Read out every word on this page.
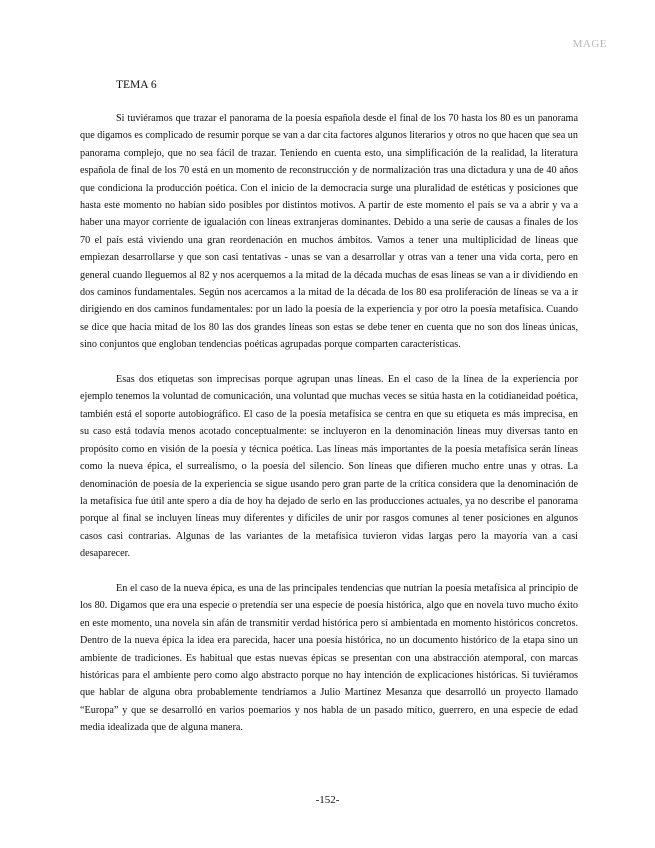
MAGE
TEMA 6

Si tuviéramos que trazar el panorama de la poesía española desde el final de los 70 hasta los 80 es un panorama que digamos es complicado de resumir porque se van a dar cita factores algunos literarios y otros no que hacen que sea un panorama complejo, que no sea fácil de trazar. Teniendo en cuenta esto, una simplificación de la realidad, la literatura española de final de los 70 está en un momento de reconstrucción y de normalización tras una dictadura y una de 40 años que condiciona la producción poética. Con el inicio de la democracia surge una pluralidad de estéticas y posiciones que hasta este momento no habían sido posibles por distintos motivos. A partir de este momento el país se va a abrir y va a haber una mayor corriente de igualación con líneas extranjeras dominantes. Debido a una serie de causas a finales de los 70 el país está viviendo una gran reordenación en muchos ámbitos. Vamos a tener una multiplicidad de líneas que empiezan desarrollarse y que son casi tentativas - unas se van a desarrollar y otras van a tener una vida corta, pero en general cuando lleguemos al 82 y nos acerquemos a la mitad de la década muchas de esas líneas se van a ir dividiendo en dos caminos fundamentales. Según nos acercamos a la mitad de la década de los 80 esa proliferación de líneas se va a ir dirigiendo en dos caminos fundamentales: por un lado la poesía de la experiencia y por otro la poesía metafísica. Cuando se dice que hacia mitad de los 80 las dos grandes líneas son estas se debe tener en cuenta que no son dos líneas únicas, sino conjuntos que engloban tendencias poéticas agrupadas porque comparten características.

Esas dos etiquetas son imprecisas porque agrupan unas líneas. En el caso de la línea de la experiencia por ejemplo tenemos la voluntad de comunicación, una voluntad que muchas veces se sitúa hasta en la cotidianeidad poética, también está el soporte autobiográfico. El caso de la poesía metafísica se centra en que su etiqueta es más imprecisa, en su caso está todavía menos acotado conceptualmente: se incluyeron en la denominación líneas muy diversas tanto en propósito como en visión de la poesía y técnica poética. Las líneas más importantes de la poesía metafísica serán líneas como la nueva épica, el surrealismo, o la poesía del silencio. Son líneas que difieren mucho entre unas y otras. La denominación de poesía de la experiencia se sigue usando pero gran parte de la crítica considera que la denominación de la metafísica fue útil ante spero a día de hoy ha dejado de serlo en las producciones actuales, ya no describe el panorama porque al final se incluyen líneas muy diferentes y difíciles de unir por rasgos comunes al tener posiciones en algunos casos casi contrarias. Algunas de las variantes de la metafísica tuvieron vidas largas pero la mayoría van a casi desaparecer.

En el caso de la nueva épica, es una de las principales tendencias que nutrían la poesía metafísica al principio de los 80. Digamos que era una especie o pretendía ser una especie de poesía histórica, algo que en novela tuvo mucho éxito en este momento, una novela sin afán de transmitir verdad histórica pero sí ambientada en momento históricos concretos. Dentro de la nueva épica la idea era parecida, hacer una poesía histórica, no un documento histórico de la etapa sino un ambiente de tradiciones. Es habitual que estas nuevas épicas se presentan con una abstracción atemporal, con marcas históricas para el ambiente pero como algo abstracto porque no hay intención de explicaciones históricas. Si tuviéramos que hablar de alguna obra probablemente tendríamos a Julio Martínez Mesanza que desarrolló un proyecto llamado “Europa” y que se desarrolló en varios poemarios y nos habla de un pasado mítico, guerrero, en una especie de edad media idealizada que de alguna manera.

-152-
